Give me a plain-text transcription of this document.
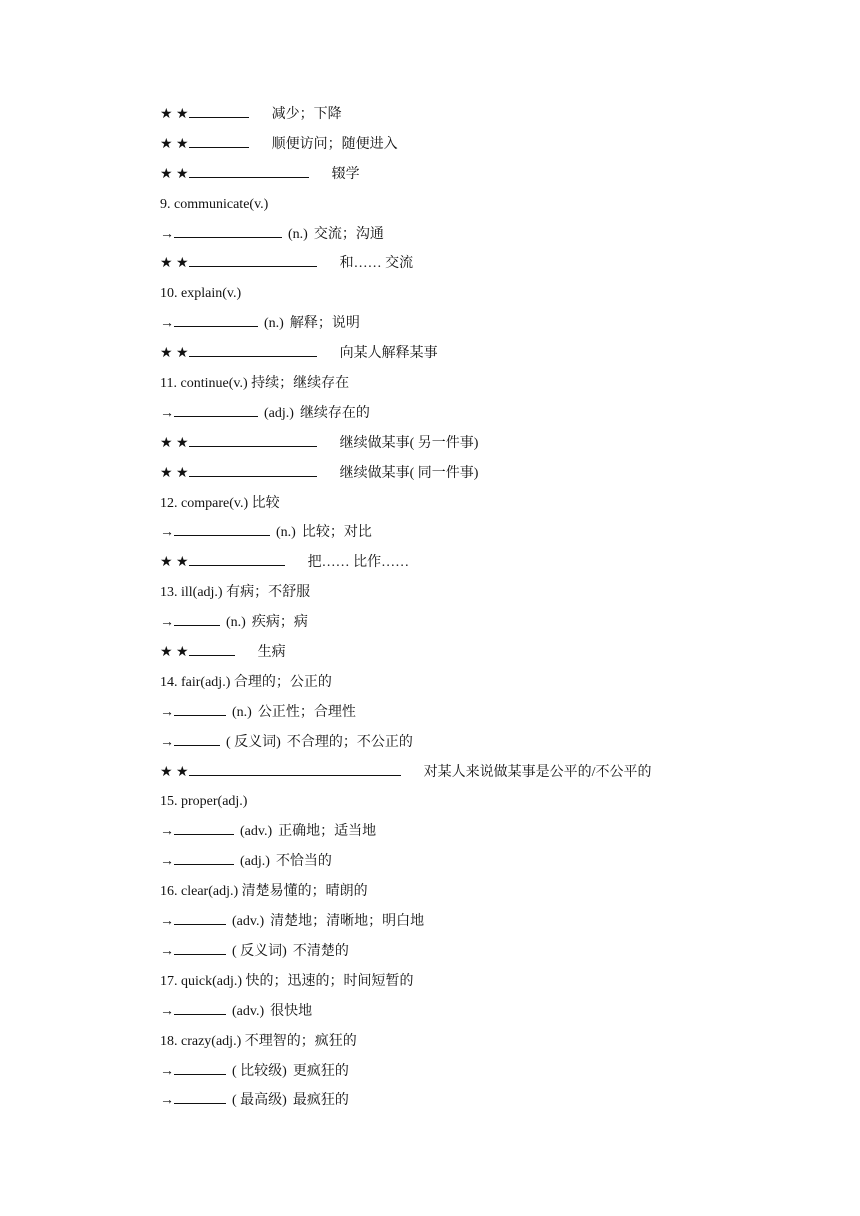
★ ★	减少；下降
★ ★	顺便访问；随便进入
★ ★	辍学
9. communicate(v.)
→	(n.) 交流；沟通
★ ★	和…… 交流
10. explain(v.)
→	(n.) 解释；说明
★ ★	向某人解释某事
11. continue(v.) 持续；继续存在
→	(adj.) 继续存在的
★ ★	继续做某事( 另一件事)
★ ★	继续做某事( 同一件事)
12. compare(v.) 比较
→	(n.) 比较；对比
★ ★	把…… 比作……
13. ill(adj.) 有病；不舒服
→	(n.) 疾病；病
★ ★	生病
14. fair(adj.) 合理的；公正的
→	(n.) 公正性；合理性
→	( 反义词) 不合理的；不公正的
★ ★	对某人来说做某事是公平的/不公平的
15. proper(adj.)
→	(adv.) 正确地；适当地
→	(adj.) 不恰当的
16. clear(adj.) 清楚易懂的；晴朗的
→	(adv.) 清楚地；清晰地；明白地
→	( 反义词) 不清楚的
17. quick(adj.) 快的；迅速的；时间短暂的
→	(adv.) 很快地
18. crazy(adj.) 不理智的；疯狂的
→	( 比较级) 更疯狂的
→	( 最高级) 最疯狂的
